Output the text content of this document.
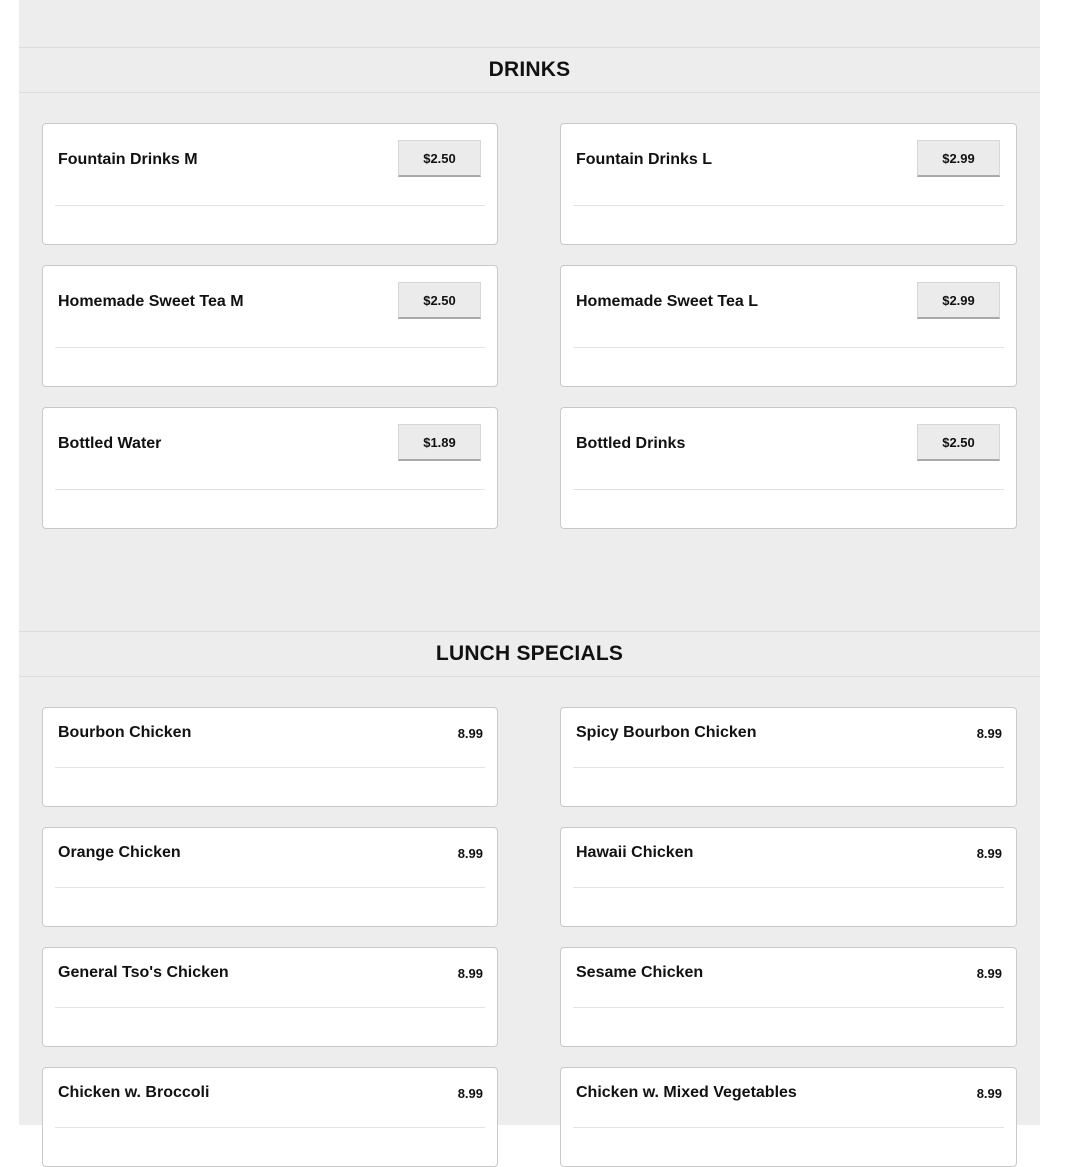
DRINKS
Fountain Drinks M	$2.50	Fountain Drinks L	$2.99
Homemade Sweet Tea M	$2.50	Homemade Sweet Tea L	$2.99
Bottled Water	$1.89	Bottled Drinks	$2.50
LUNCH SPECIALS
Bourbon Chicken	8.99	Spicy Bourbon Chicken	8.99
Orange Chicken	8.99	Hawaii Chicken	8.99
General Tso's Chicken	8.99	Sesame Chicken	8.99
Chicken w. Broccoli	8.99	Chicken w. Mixed Vegetables	8.99
